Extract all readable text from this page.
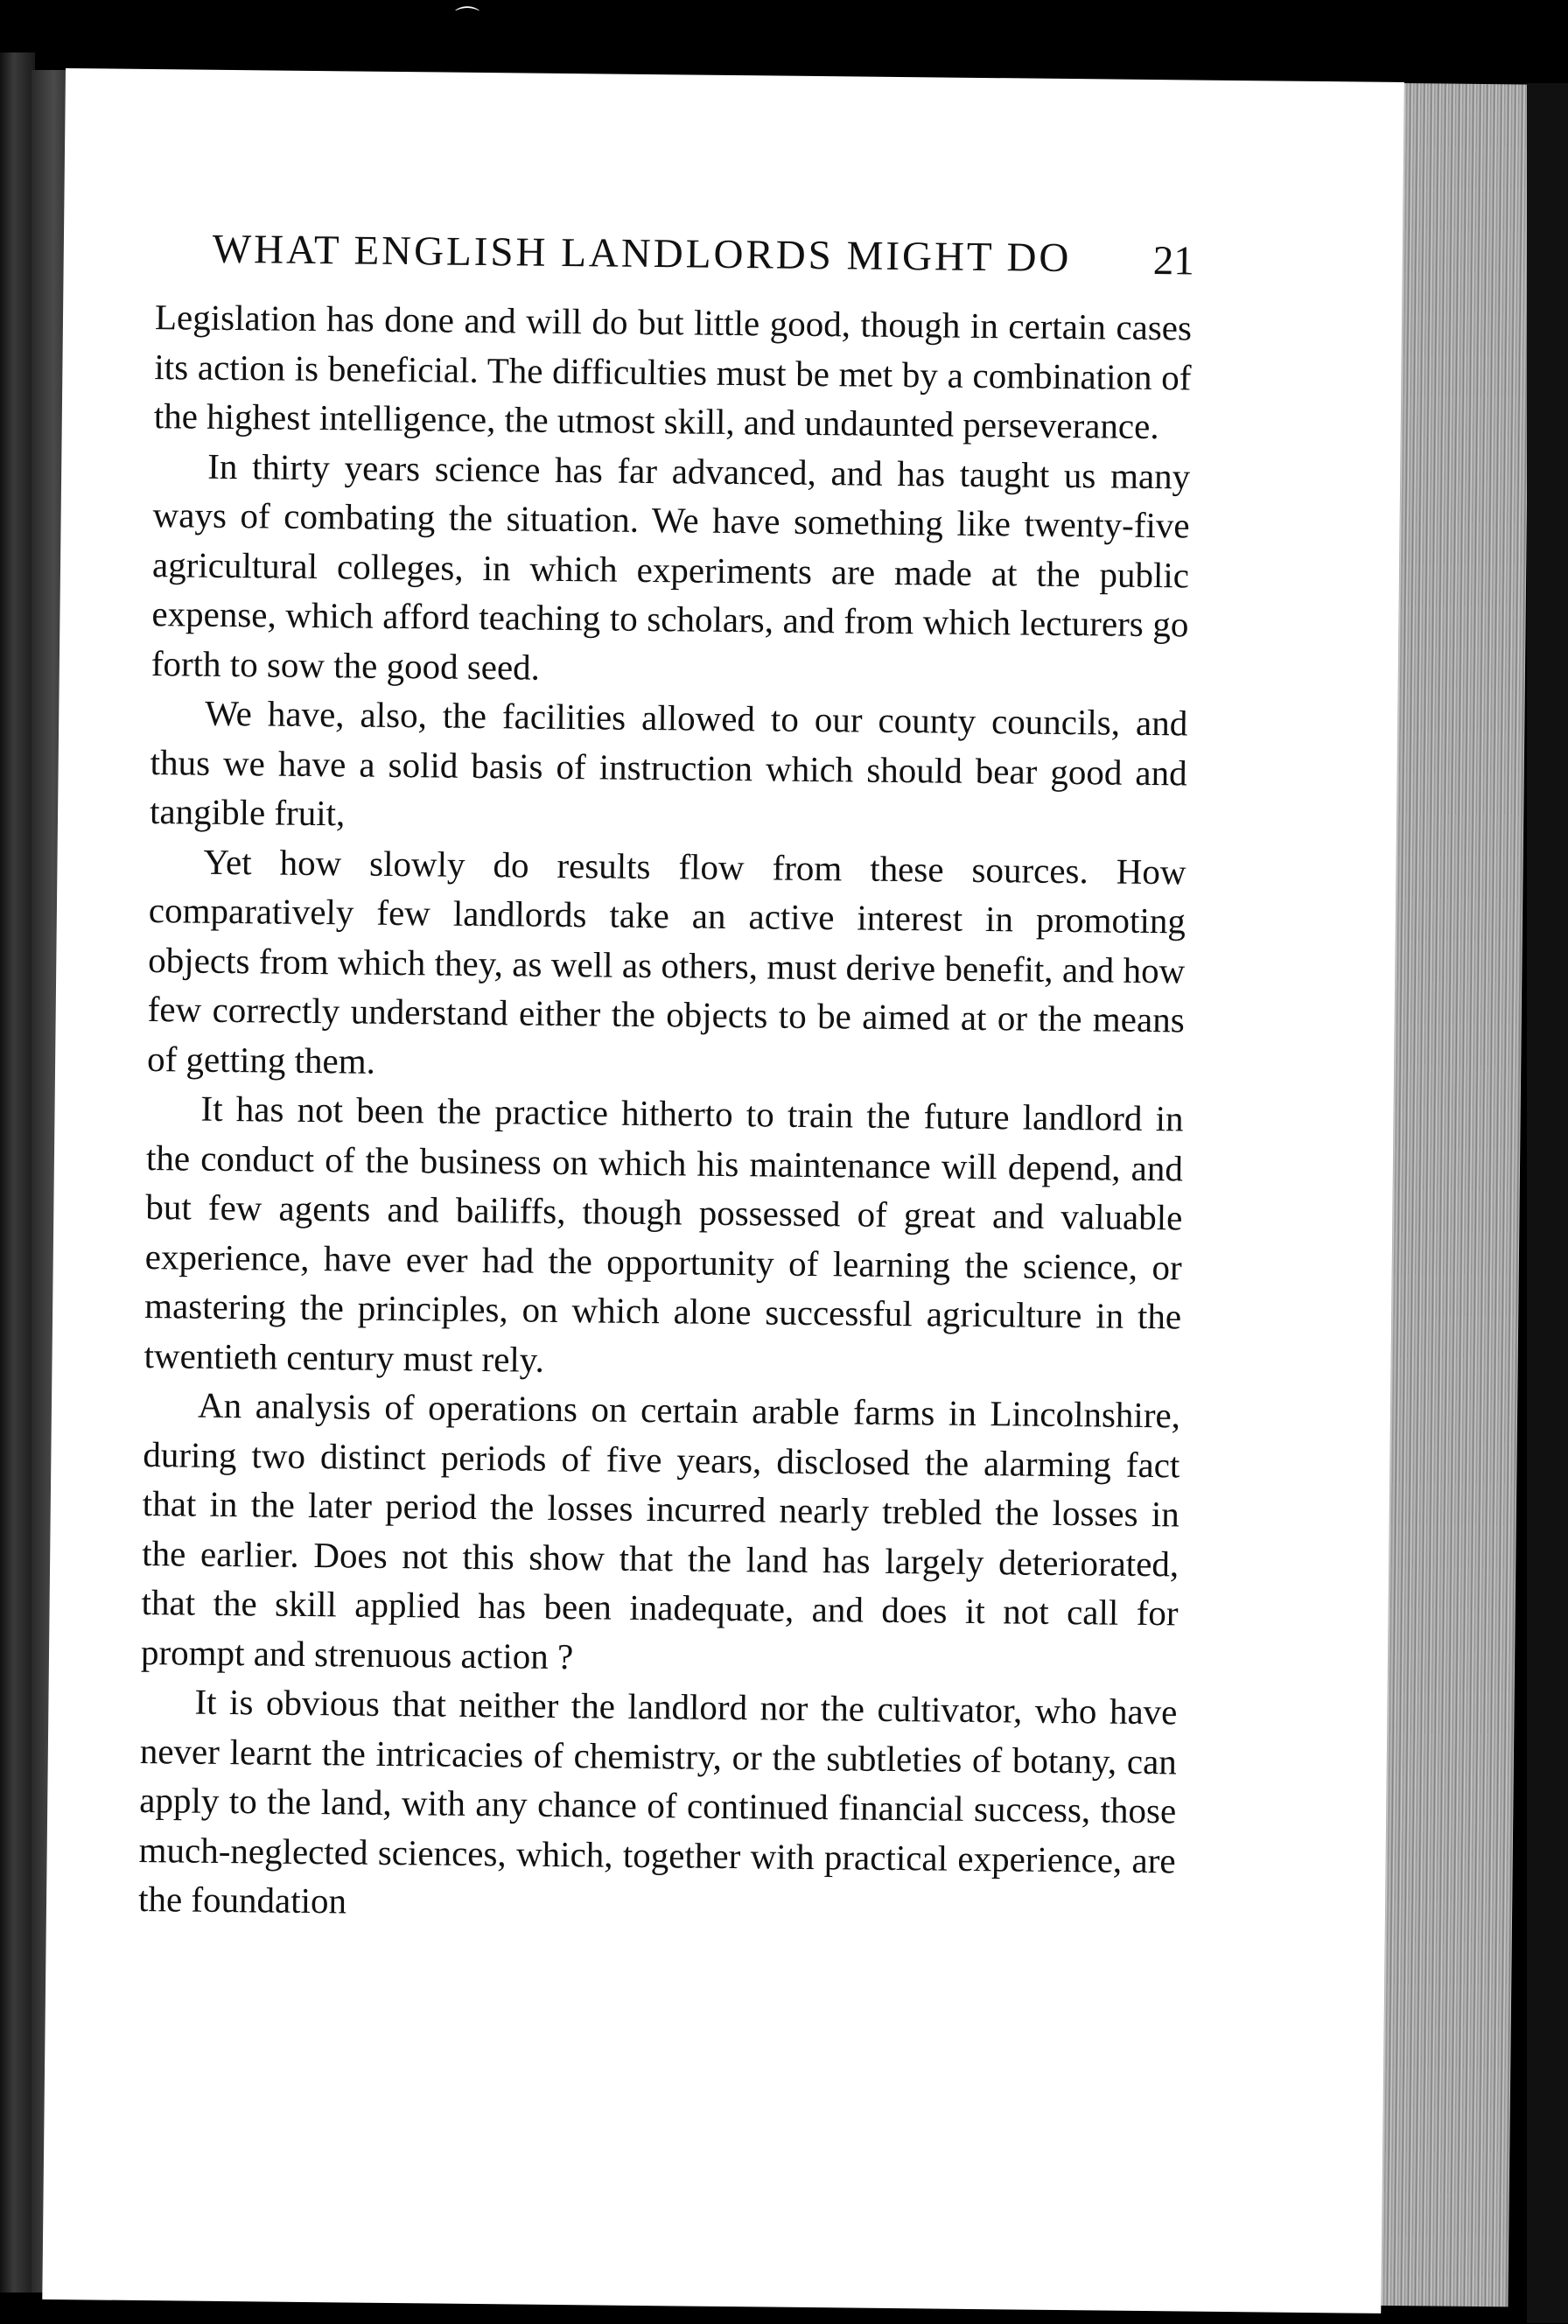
⌒
WHAT ENGLISH LANDLORDS MIGHT DO	21

Legislation has done and will do but little good, though in certain cases its action is beneficial. The difficulties must be met by a combination of the highest intelligence, the utmost skill, and undaunted perseverance.

In thirty years science has far advanced, and has taught us many ways of combating the situation. We have something like twenty-five agricultural colleges, in which experiments are made at the public expense, which afford teaching to scholars, and from which lecturers go forth to sow the good seed.

We have, also, the facilities allowed to our county councils, and thus we have a solid basis of instruction which should bear good and tangible fruit,

Yet how slowly do results flow from these sources. How comparatively few landlords take an active interest in promoting objects from which they, as well as others, must derive benefit, and how few correctly understand either the objects to be aimed at or the means of getting them.

It has not been the practice hitherto to train the future landlord in the conduct of the business on which his maintenance will depend, and but few agents and bailiffs, though possessed of great and valuable experience, have ever had the opportunity of learning the science, or mastering the principles, on which alone successful agriculture in the twentieth century must rely.

An analysis of operations on certain arable farms in Lincolnshire, during two distinct periods of five years, disclosed the alarming fact that in the later period the losses incurred nearly trebled the losses in the earlier. Does not this show that the land has largely deteriorated, that the skill applied has been inadequate, and does it not call for prompt and strenuous action ?

It is obvious that neither the landlord nor the cultivator, who have never learnt the intricacies of chemistry, or the subtleties of botany, can apply to the land, with any chance of continued financial success, those much-neglected sciences, which, together with practical experience, are the foundation
